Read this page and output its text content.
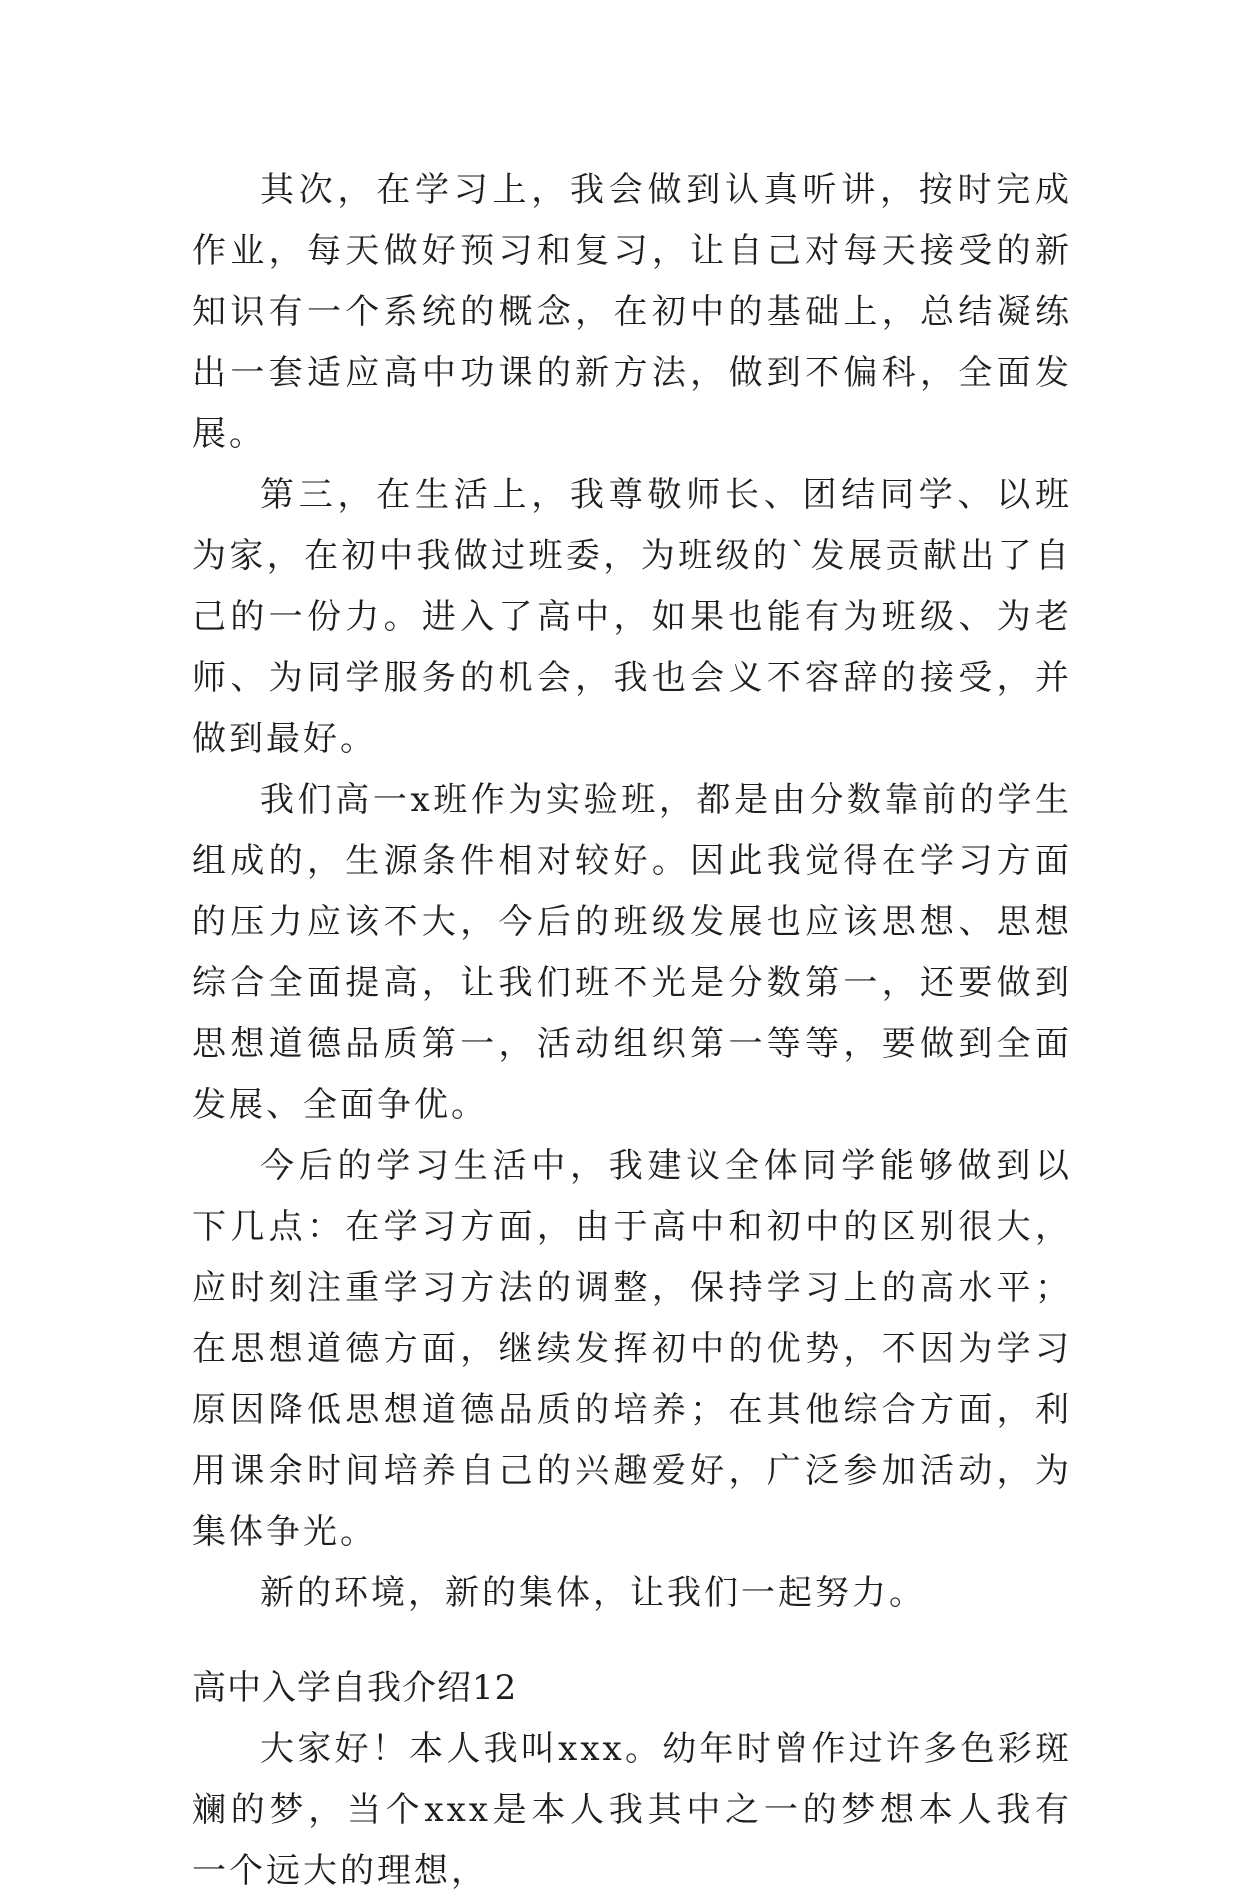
其次，在学习上，我会做到认真听讲，按时完成作业，每天做好预习和复习，让自己对每天接受的新知识有一个系统的概念，在初中的基础上，总结凝练出一套适应高中功课的新方法，做到不偏科，全面发展。

第三，在生活上，我尊敬师长、团结同学、以班为家，在初中我做过班委，为班级的`发展贡献出了自己的一份力。进入了高中，如果也能有为班级、为老师、为同学服务的机会，我也会义不容辞的接受，并做到最好。

我们高一x班作为实验班，都是由分数靠前的学生组成的，生源条件相对较好。因此我觉得在学习方面的压力应该不大，今后的班级发展也应该思想、思想综合全面提高，让我们班不光是分数第一，还要做到思想道德品质第一，活动组织第一等等，要做到全面发展、全面争优。

今后的学习生活中，我建议全体同学能够做到以下几点：在学习方面，由于高中和初中的区别很大，应时刻注重学习方法的调整，保持学习上的高水平；在思想道德方面，继续发挥初中的优势，不因为学习原因降低思想道德品质的培养；在其他综合方面，利用课余时间培养自己的兴趣爱好，广泛参加活动，为集体争光。

新的环境，新的集体，让我们一起努力。

高中入学自我介绍12

大家好！本人我叫xxx。幼年时曾作过许多色彩斑斓的梦，当个xxx是本人我其中之一的梦想本人我有一个远大的理想，
